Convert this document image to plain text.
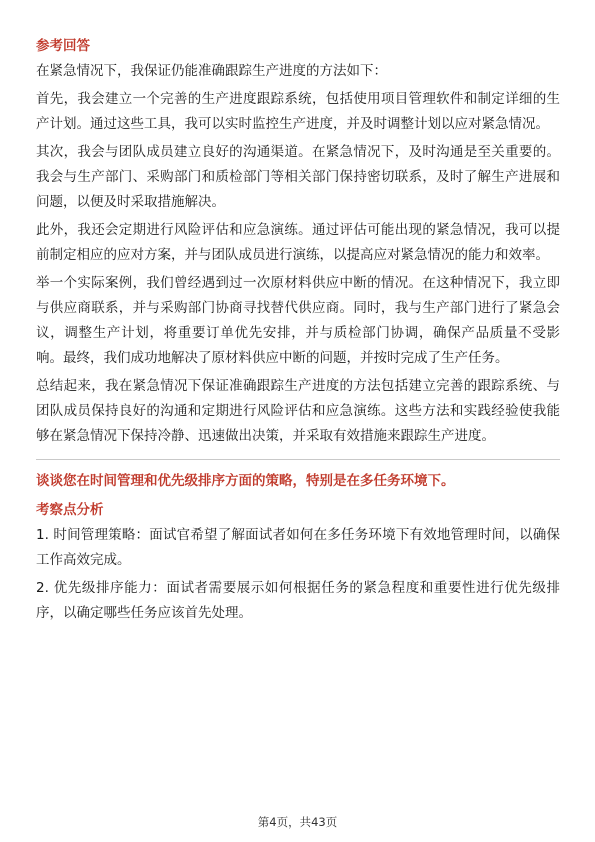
参考回答

在紧急情况下，我保证仍能准确跟踪生产进度的方法如下：

首先，我会建立一个完善的生产进度跟踪系统，包括使用项目管理软件和制定详细的生产计划。通过这些工具，我可以实时监控生产进度，并及时调整计划以应对紧急情况。

其次，我会与团队成员建立良好的沟通渠道。在紧急情况下，及时沟通是至关重要的。我会与生产部门、采购部门和质检部门等相关部门保持密切联系，及时了解生产进展和问题，以便及时采取措施解决。

此外，我还会定期进行风险评估和应急演练。通过评估可能出现的紧急情况，我可以提前制定相应的应对方案，并与团队成员进行演练，以提高应对紧急情况的能力和效率。

举一个实际案例，我们曾经遇到过一次原材料供应中断的情况。在这种情况下，我立即与供应商联系，并与采购部门协商寻找替代供应商。同时，我与生产部门进行了紧急会议，调整生产计划，将重要订单优先安排，并与质检部门协调，确保产品质量不受影响。最终，我们成功地解决了原材料供应中断的问题，并按时完成了生产任务。

总结起来，我在紧急情况下保证准确跟踪生产进度的方法包括建立完善的跟踪系统、与团队成员保持良好的沟通和定期进行风险评估和应急演练。这些方法和实践经验使我能够在紧急情况下保持冷静、迅速做出决策，并采取有效措施来跟踪生产进度。

谈谈您在时间管理和优先级排序方面的策略，特别是在多任务环境下。
考察点分析

1. 时间管理策略：面试官希望了解面试者如何在多任务环境下有效地管理时间，以确保工作高效完成。

2. 优先级排序能力：面试者需要展示如何根据任务的紧急程度和重要性进行优先级排序，以确定哪些任务应该首先处理。

第4页，共43页
